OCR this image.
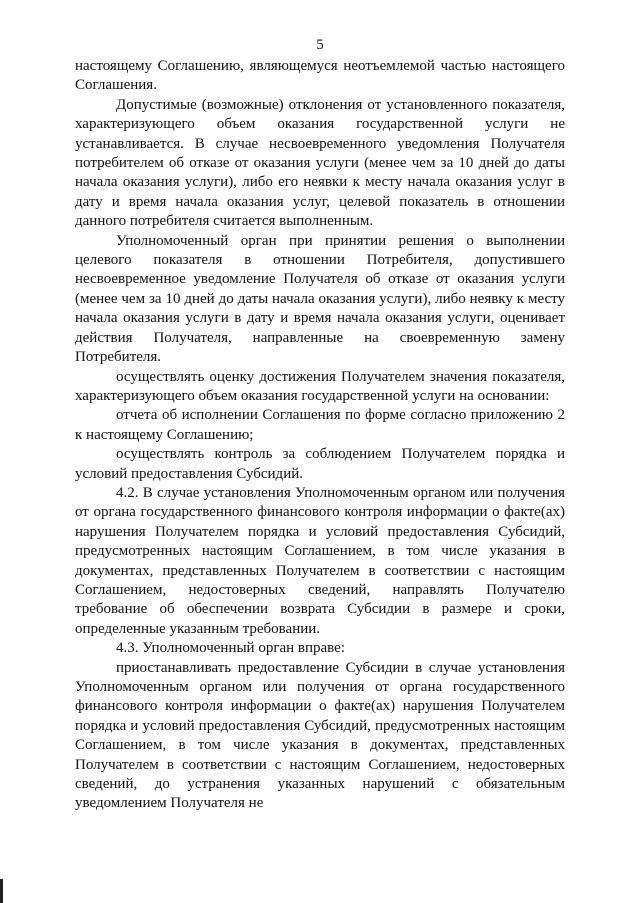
5

настоящему Соглашению, являющемуся неотъемлемой частью настоящего Соглашения.

Допустимые (возможные) отклонения от установленного показателя, характеризующего объем оказания государственной услуги не устанавливается. В случае несвоевременного уведомления Получателя потребителем об отказе от оказания услуги (менее чем за 10 дней до даты начала оказания услуги), либо его неявки к месту начала оказания услуг в дату и время начала оказания услуг, целевой показатель в отношении данного потребителя считается выполненным.

Уполномоченный орган при принятии решения о выполнении целевого показателя в отношении Потребителя, допустившего несвоевременное уведомление Получателя об отказе от оказания услуги (менее чем за 10 дней до даты начала оказания услуги), либо неявку к месту начала оказания услуги в дату и время начала оказания услуги, оценивает действия Получателя, направленные на своевременную замену Потребителя.

осуществлять оценку достижения Получателем значения показателя, характеризующего объем оказания государственной услуги на основании:

отчета об исполнении Соглашения по форме согласно приложению 2 к настоящему Соглашению;

осуществлять контроль за соблюдением Получателем порядка и условий предоставления Субсидий.

4.2. В случае установления Уполномоченным органом или получения от органа государственного финансового контроля информации о факте(ах) нарушения Получателем порядка и условий предоставления Субсидий, предусмотренных настоящим Соглашением, в том числе указания в документах, представленных Получателем в соответствии с настоящим Соглашением, недостоверных сведений, направлять Получателю требование об обеспечении возврата Субсидии в размере и сроки, определенные указанным требовании.

4.3. Уполномоченный орган вправе:

приостанавливать предоставление Субсидии в случае установления Уполномоченным органом или получения от органа государственного финансового контроля информации о факте(ах) нарушения Получателем порядка и условий предоставления Субсидий, предусмотренных настоящим Соглашением, в том числе указания в документах, представленных Получателем в соответствии с настоящим Соглашением, недостоверных сведений, до устранения указанных нарушений с обязательным уведомлением Получателя не
